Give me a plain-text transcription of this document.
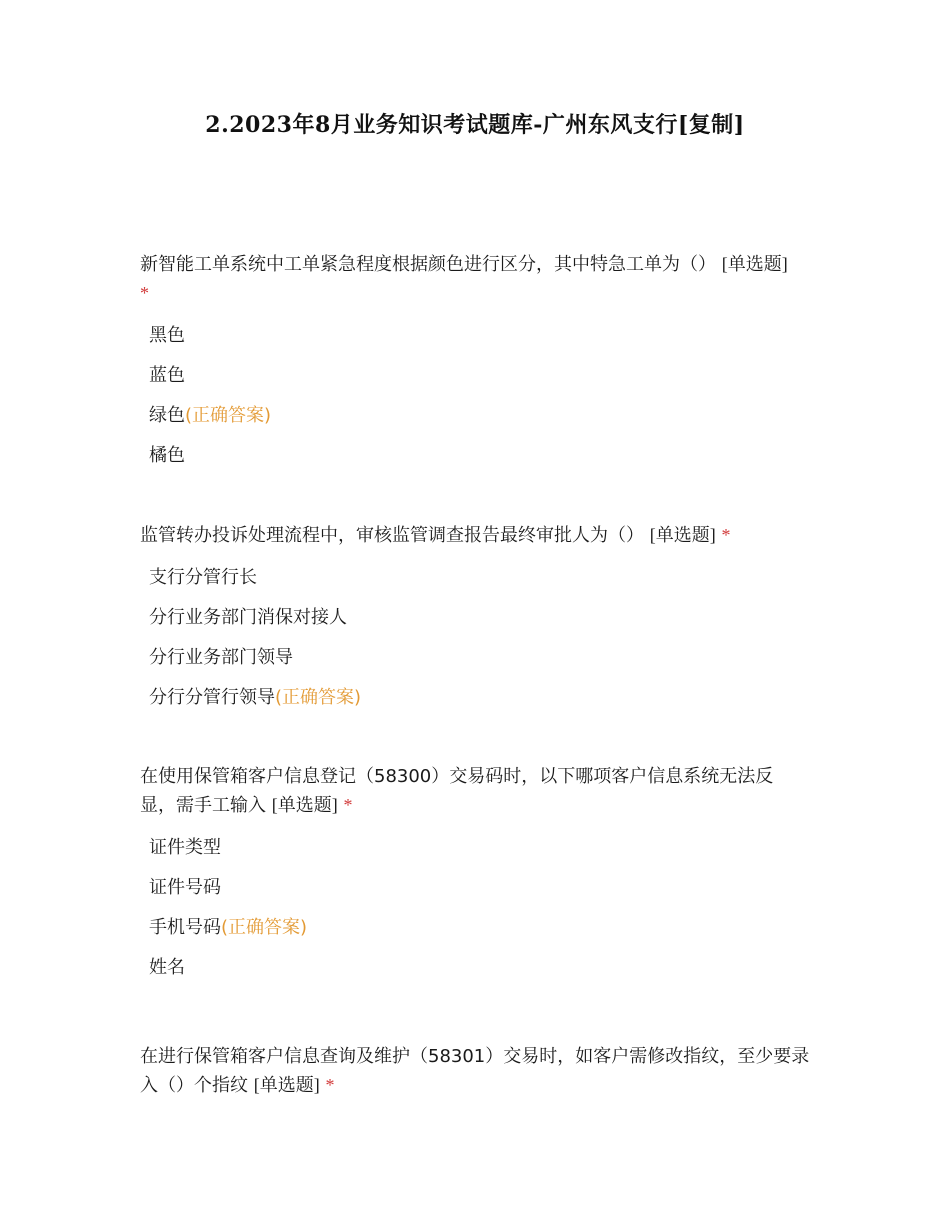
2.2023年8月业务知识考试题库-广州东风支行[复制]
新智能工单系统中工单紧急程度根据颜色进行区分，其中特急工单为（） [单选题]
*
黑色
蓝色
绿色(正确答案)
橘色
监管转办投诉处理流程中，审核监管调查报告最终审批人为（） [单选题] *
支行分管行长
分行业务部门消保对接人
分行业务部门领导
分行分管行领导(正确答案)
在使用保管箱客户信息登记（58300）交易码时，以下哪项客户信息系统无法反显，需手工输入 [单选题] *
证件类型
证件号码
手机号码(正确答案)
姓名
在进行保管箱客户信息查询及维护（58301）交易时，如客户需修改指纹，至少要录入（）个指纹 [单选题] *
